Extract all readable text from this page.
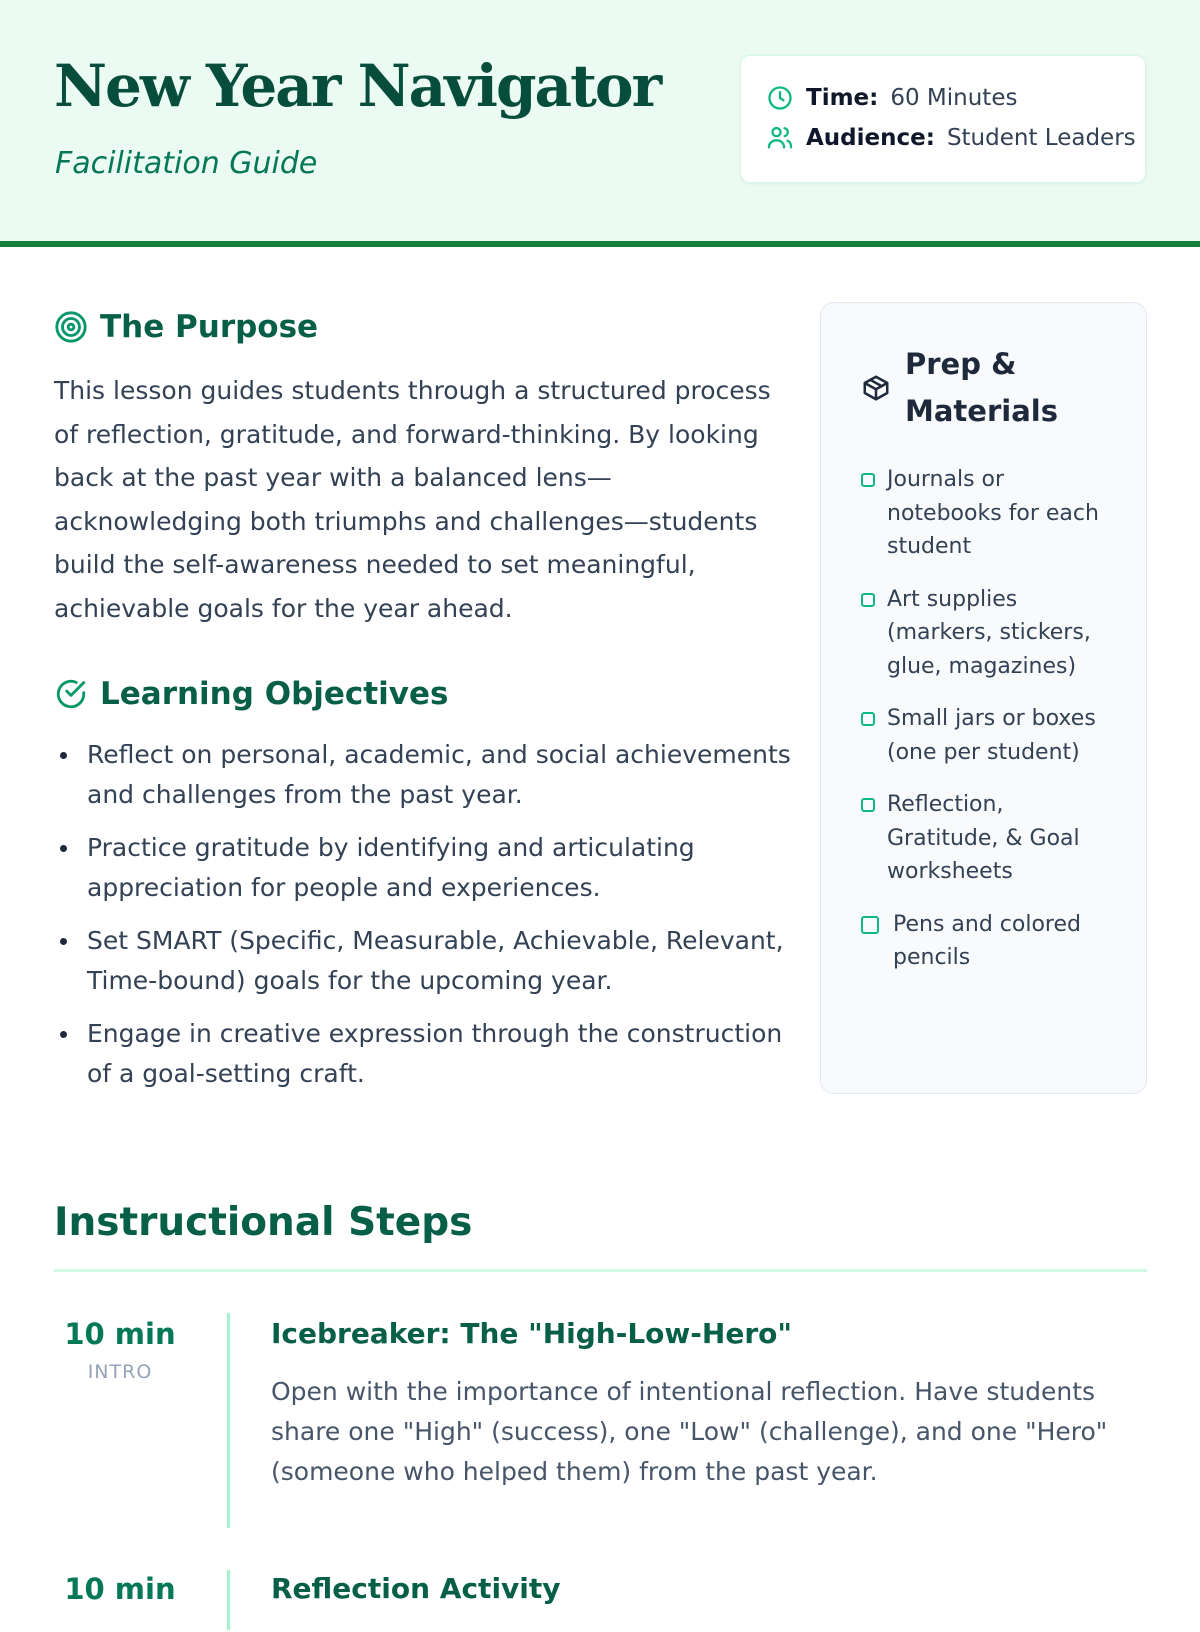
New Year Navigator

Facilitation Guide

Time: 60 Minutes
Audience: Student Leaders
The Purpose

This lesson guides students through a structured process of reflection, gratitude, and forward-thinking. By looking back at the past year with a balanced lens—acknowledging both triumphs and challenges—students build the self-awareness needed to set meaningful, achievable goals for the year ahead.

Learning Objectives
Reflect on personal, academic, and social achievements and challenges from the past year.
Practice gratitude by identifying and articulating appreciation for people and experiences.
Set SMART (Specific, Measurable, Achievable, Relevant, Time-bound) goals for the upcoming year.
Engage in creative expression through the construction of a goal-setting craft.
Prep & Materials
Journals or notebooks for each student
Art supplies (markers, stickers, glue, magazines)
Small jars or boxes (one per student)
Reflection, Gratitude, & Goal worksheets
Pens and colored pencils
Instructional Steps
10 min
INTRO
Icebreaker: The "High-Low-Hero"

Open with the importance of intentional reflection. Have students share one "High" (success), one "Low" (challenge), and one "Hero" (someone who helped them) from the past year.

10 min	Reflection Activity
